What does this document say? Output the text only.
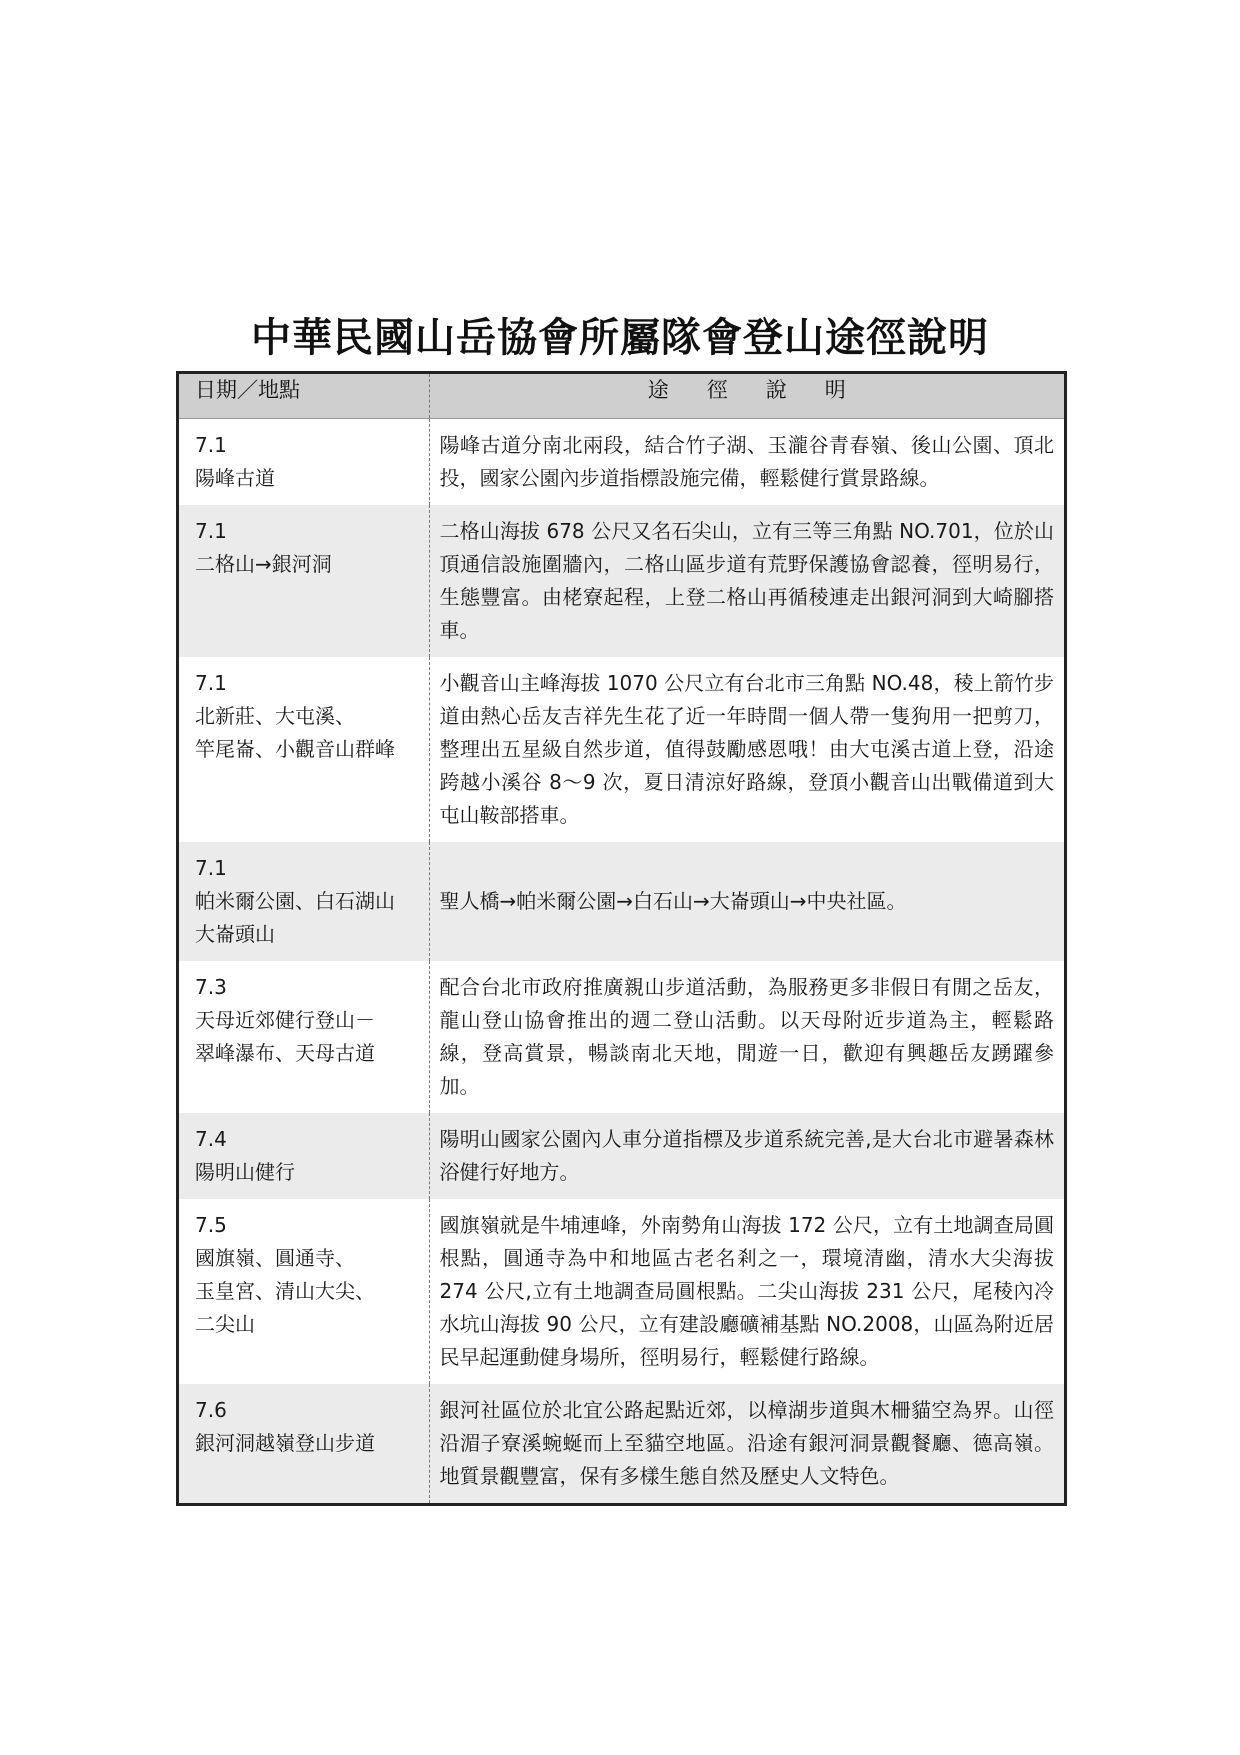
中華民國山岳協會所屬隊會登山途徑說明
日期／地點	途徑說明

7.1
陽峰古道	陽峰古道分南北兩段，結合竹子湖、玉瀧谷青春嶺、後山公園、頂北投，國家公園內步道指標設施完備，輕鬆健行賞景路線。

7.1
二格山→銀河洞	二格山海拔 678 公尺又名石尖山，立有三等三角點 NO.701，位於山頂通信設施圍牆內，二格山區步道有荒野保護協會認養，徑明易行，生態豐富。由栳寮起程，上登二格山再循稜連走出銀河洞到大崎腳搭車。

7.1
北新莊、大屯溪、
竿尾崙、小觀音山群峰	小觀音山主峰海拔 1070 公尺立有台北市三角點 NO.48，稜上箭竹步道由熱心岳友吉祥先生花了近一年時間一個人帶一隻狗用一把剪刀，整理出五星級自然步道，值得鼓勵感恩哦！由大屯溪古道上登，沿途跨越小溪谷 8～9 次，夏日清涼好路線，登頂小觀音山出戰備道到大屯山鞍部搭車。

7.1
帕米爾公園、白石湖山
大崙頭山	聖人橋→帕米爾公園→白石山→大崙頭山→中央社區。

7.3
天母近郊健行登山－
翠峰瀑布、天母古道	配合台北市政府推廣親山步道活動，為服務更多非假日有閒之岳友，龍山登山協會推出的週二登山活動。以天母附近步道為主，輕鬆路線，登高賞景，暢談南北天地，閒遊一日，歡迎有興趣岳友踴躍參加。

7.4
陽明山健行	陽明山國家公園內人車分道指標及步道系統完善,是大台北市避暑森林浴健行好地方。

7.5
國旗嶺、圓通寺、
玉皇宮、清山大尖、
二尖山	國旗嶺就是牛埔連峰，外南勢角山海拔 172 公尺，立有土地調查局圓根點，圓通寺為中和地區古老名剎之一，環境清幽，清水大尖海拔 274 公尺,立有土地調查局圓根點。二尖山海拔 231 公尺，尾稜內冷水坑山海拔 90 公尺，立有建設廳礦補基點 NO.2008，山區為附近居民早起運動健身場所，徑明易行，輕鬆健行路線。

7.6
銀河洞越嶺登山步道	銀河社區位於北宜公路起點近郊，以樟湖步道與木柵貓空為界。山徑沿湄子寮溪蜿蜒而上至貓空地區。沿途有銀河洞景觀餐廳、德高嶺。地質景觀豐富，保有多樣生態自然及歷史人文特色。
